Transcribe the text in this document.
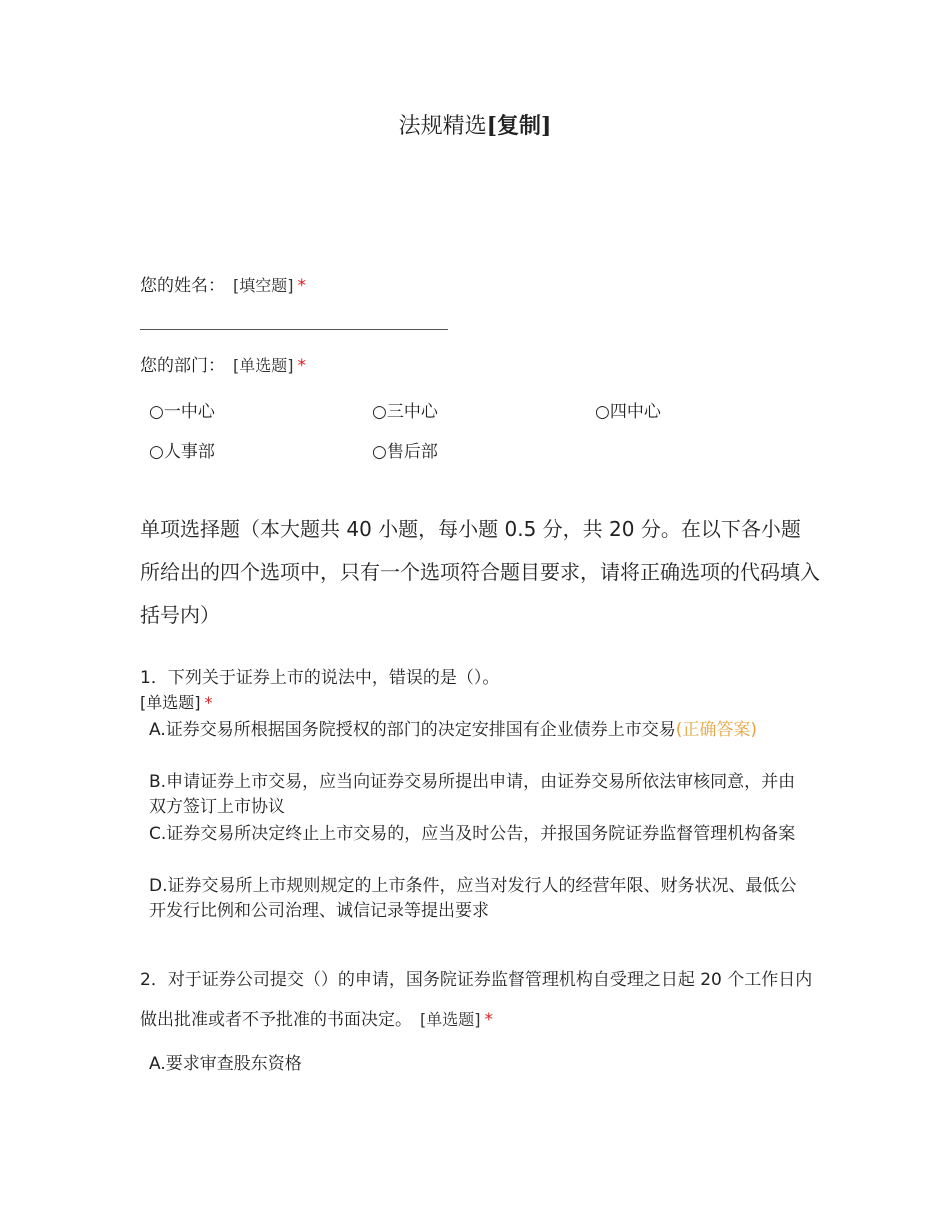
法规精选[复制]
您的姓名： [填空题] *
您的部门： [单选题] *
○一中心	○三中心	○四中心
○人事部	○售后部
单项选择题（本大题共 40 小题，每小题 0.5 分，共 20 分。在以下各小题所给出的四个选项中，只有一个选项符合题目要求，请将正确选项的代码填入括号内）
1．下列关于证券上市的说法中，错误的是（）。
[单选题] *
A.证券交易所根据国务院授权的部门的决定安排国有企业债券上市交易(正确答案)
B.申请证券上市交易，应当向证券交易所提出申请，由证券交易所依法审核同意，并由双方签订上市协议
C.证券交易所决定终止上市交易的，应当及时公告，并报国务院证券监督管理机构备案
D.证券交易所上市规则规定的上市条件，应当对发行人的经营年限、财务状况、最低公开发行比例和公司治理、诚信记录等提出要求
2．对于证券公司提交（）的申请，国务院证券监督管理机构自受理之日起 20 个工作日内做出批准或者不予批准的书面决定。 [单选题] *
A.要求审查股东资格
